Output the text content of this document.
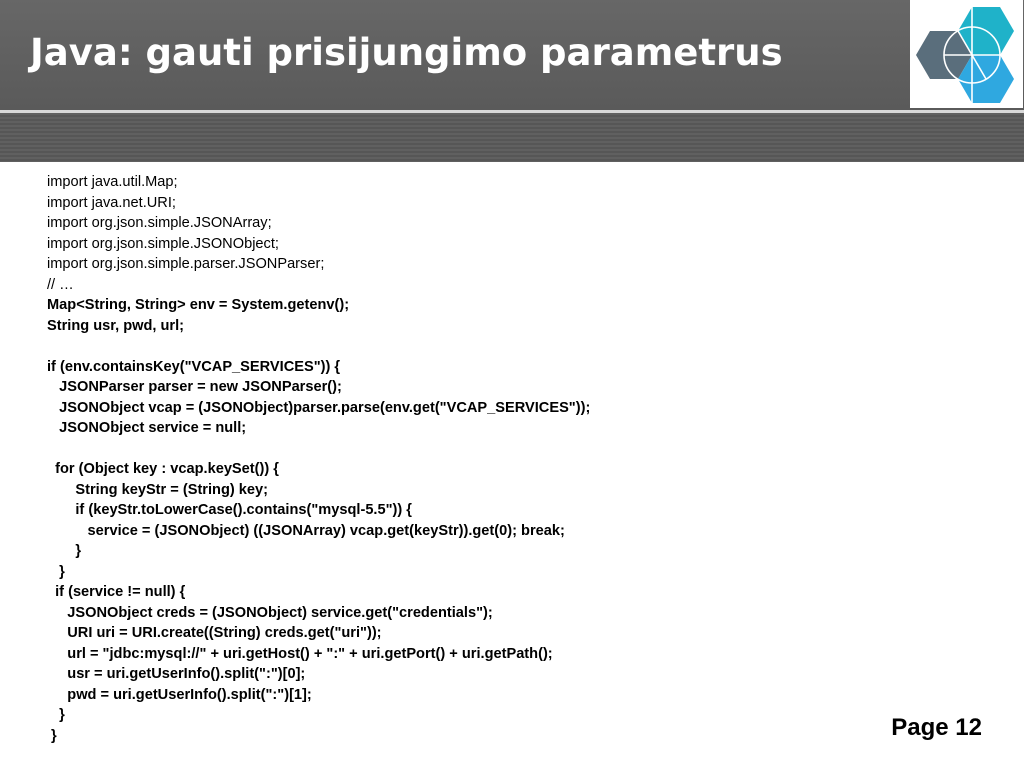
Java: gauti prisijungimo parametrus
import java.util.Map;
import java.net.URI;
import org.json.simple.JSONArray;
import org.json.simple.JSONObject;
import org.json.simple.parser.JSONParser;
// …
Map<String, String> env = System.getenv();
String usr, pwd, url;
if (env.containsKey("VCAP_SERVICES")) {
JSONParser parser = new JSONParser();
JSONObject vcap = (JSONObject)parser.parse(env.get("VCAP_SERVICES"));
JSONObject service = null;
for (Object key : vcap.keySet()) {
String keyStr = (String) key;
if (keyStr.toLowerCase().contains("mysql-5.5")) {
service = (JSONObject) ((JSONArray) vcap.get(keyStr)).get(0); break;
}
}
if (service != null) {
JSONObject creds = (JSONObject) service.get("credentials");
URI uri = URI.create((String) creds.get("uri"));
url = "jdbc:mysql://" + uri.getHost() + ":" + uri.getPort() + uri.getPath();
usr = uri.getUserInfo().split(":")[0];
pwd = uri.getUserInfo().split(":")[1];
}
}	Page 12
